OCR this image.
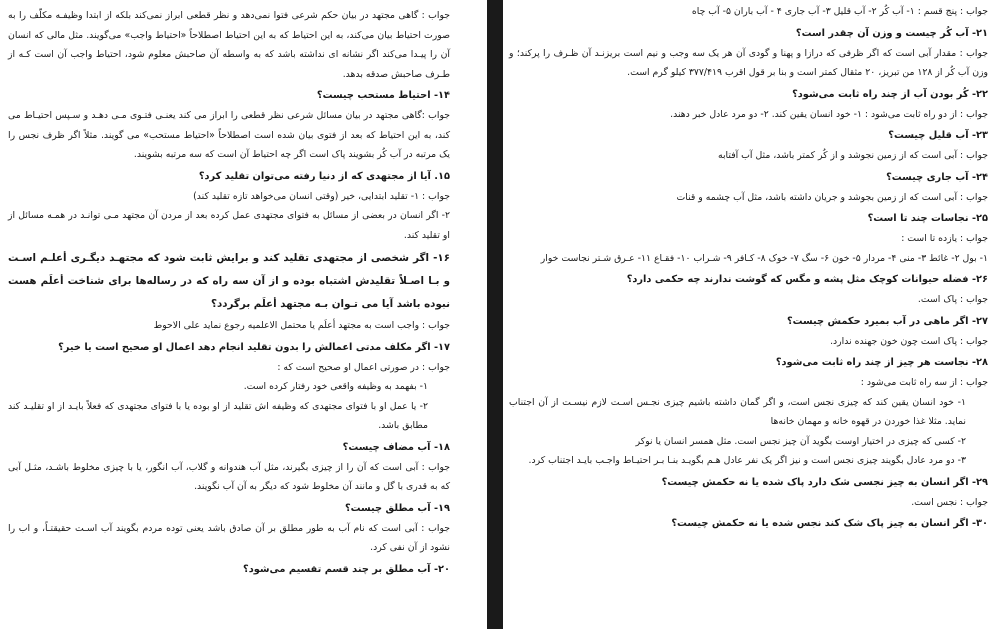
جواب : گاهی مجتهد در بیان حکم شرعی فتوا نمی‌دهد و نظر قطعی ابراز نمی‌کند بلکه از ابتدا وظیفـه مکلّف را به صورت احتیاط بیان می‌کند، به این احتیاط که به این احتیاط اصطلاحاً «احتیاط واجب» می‌گویند. مثل مالی که انسان آن را پیـدا می‌کند اگر نشانه ای نداشته باشد که به واسطه آن صاحبش معلوم شود، احتیاط واجب آن است کـه از طـرف صاحبش صدقه بدهد.

۱۴- احتیاط مستحب چیست؟

جواب :گاهی مجتهد در بیان مسائل شرعی نظر قطعی را ابراز می کند یعنـی فتـوی مـی دهـد و سـپس احتیـاط می کند، به این احتیاط که بعد از فتوی بیان شده است اصطلاحاً «احتیاط مستحب» می گویند. مثلاً اگر ظرف نجس را یک مرتبه در آب کُر بشویند پاک است اگر چه احتیاط آن است که سه مرتبه بشویند.

۱۵. آیا از مجتهدی که از دنیا رفته می‌توان تقلید کرد؟

جواب : ۱- تقلید ابتدایی، خیر (وقتی انسان می‌خواهد تازه تقلید کند)

۲- اگر انسان در بعضی از مسائل به فتوای مجتهدی عمل کرده بعد از مردن آن مجتهد مـی توانـد در همـه مسائل از او تقلید کند.

۱۶- اگر شخصی از مجتهدی تقلید کند و برایش ثابت شود که مجتهـد دیگـری أعلـم اسـت و بـا اصـلاً تقلیدش اشتباه بوده و از آن سه راه که در رساله‌ها برای شناخت أعلَم هست نبوده باشد آیا می تـوان بـه مجتهد أعلَم برگردد؟

جواب : واجب است به مجتهد أعلَم یا محتمل الاعلمیه رجوع نماید علی الاحوط

۱۷- اگر مکلف مدتی اعمالش را بدون تقلید انجام دهد اعمال او صحیح است یا خیر؟

جواب : در صورتی اعمال او صحیح است که :

۱- بفهمد به وظیفه واقعی خود رفتار کرده است.

۲- یا عمل او با فتوای مجتهدی که وظیفه اش تقلید از او بوده یا با فتوای مجتهدی که فعلاً بایـد از او تقلیـد کند مطابق باشد.

۱۸- آب مضاف چیست؟

جواب : آبی است که آن را از چیزی بگیرند، مثل آب هندوانه و گلاب، آب انگور، یا با چیزی مخلوط باشـد، مثـل آبی که به قدری با گل و مانند آن مخلوط شود که دیگر به آن آب نگویند.

۱۹- آب مطلق چیست؟

جواب : آبی است که نام آب به طور مطلق بر آن صادق باشد یعنی توده مردم بگویند آب اسـت حقیقتـاً، و اب را نشود از آن نفی کرد.

۲۰- آب مطلق بر چند قسم تقسیم می‌شود؟

جواب : پنج قسم : ۱- آب کُر ۲- آب قلیل ۳- آب جاری ۴ - آب باران ۵- آب چاه

۲۱- آب کُر چیست و وزن آن چقدر است؟

جواب : مقدار آبی است که اگر ظرفی که درازا و پهنا و گودی آن هر یک سه وجب و نیم است بریزنـد آن ظـرف را پرکند؛ و وزن آب کُر از ۱۲۸ من تبریز، ۲۰ مثقال کمتر است و بنا بر قول اقرب ۳۷۷/۴۱۹ کیلو گرم است.

۲۲- کُر بودن آب از چند راه ثابت می‌شود؟

جواب : از دو راه ثابت می‌شود : ۱- خود انسان یقین کند. ۲- دو مرد عادل خبر دهند.

۲۳- آب قلیل چیست؟

جواب : آبی است که از زمین نجوشد و از کُر کمتر باشد، مثل آب آفتابه

۲۴- آب جاری چیست؟

جواب : آبی است که از زمین بجوشد و جریان داشته باشد، مثل آب چشمه و قنات

۲۵- نجاسات چند تا است؟

جواب : یازده تا است :

۱- بول ۲- غائط ۳- منی ۴- مردار ۵- خون ۶- سگ ۷- خوک ۸- کـافر ۹- شـراب ۱۰- فقـاع ۱۱- عـرق شـتر نجاست خوار

۲۶- فضله حیوانات کوچک مثل پشه و مگس که گوشت ندارند چه حکمی دارد؟

جواب : پاک است.

۲۷- اگر ماهی در آب بمیرد حکمش چیست؟

جواب : پاک است چون خون جهنده ندارد.

۲۸- نجاست هر چیز از چند راه ثابت می‌شود؟

جواب : از سه راه ثابت می‌شود :

۱- خود انسان یقین کند که چیزی نجس است، و اگر گمان داشته باشیم چیزی نجـس اسـت لازم نیسـت از آن اجتناب نماید. مثلا غذا خوردن در قهوه خانه و مهمان خانه‌ها

۲- کسی که چیزی در اختیار اوست بگوید آن چیز نجس است. مثل همسر انسان یا نوکر

۳- دو مرد عادل بگویند چیزی نجس است و نیز اگر یک نفر عادل هـم بگویـد بنـا بـر احتیـاط واجـب بایـد اجتناب کرد.

۲۹- اگر انسان به چیز نجسی شک دارد پاک شده یا نه حکمش چیست؟

جواب : نجس است.

۳۰- اگر انسان به چیز پاک شک کند نجس شده یا نه حکمش چیست؟
